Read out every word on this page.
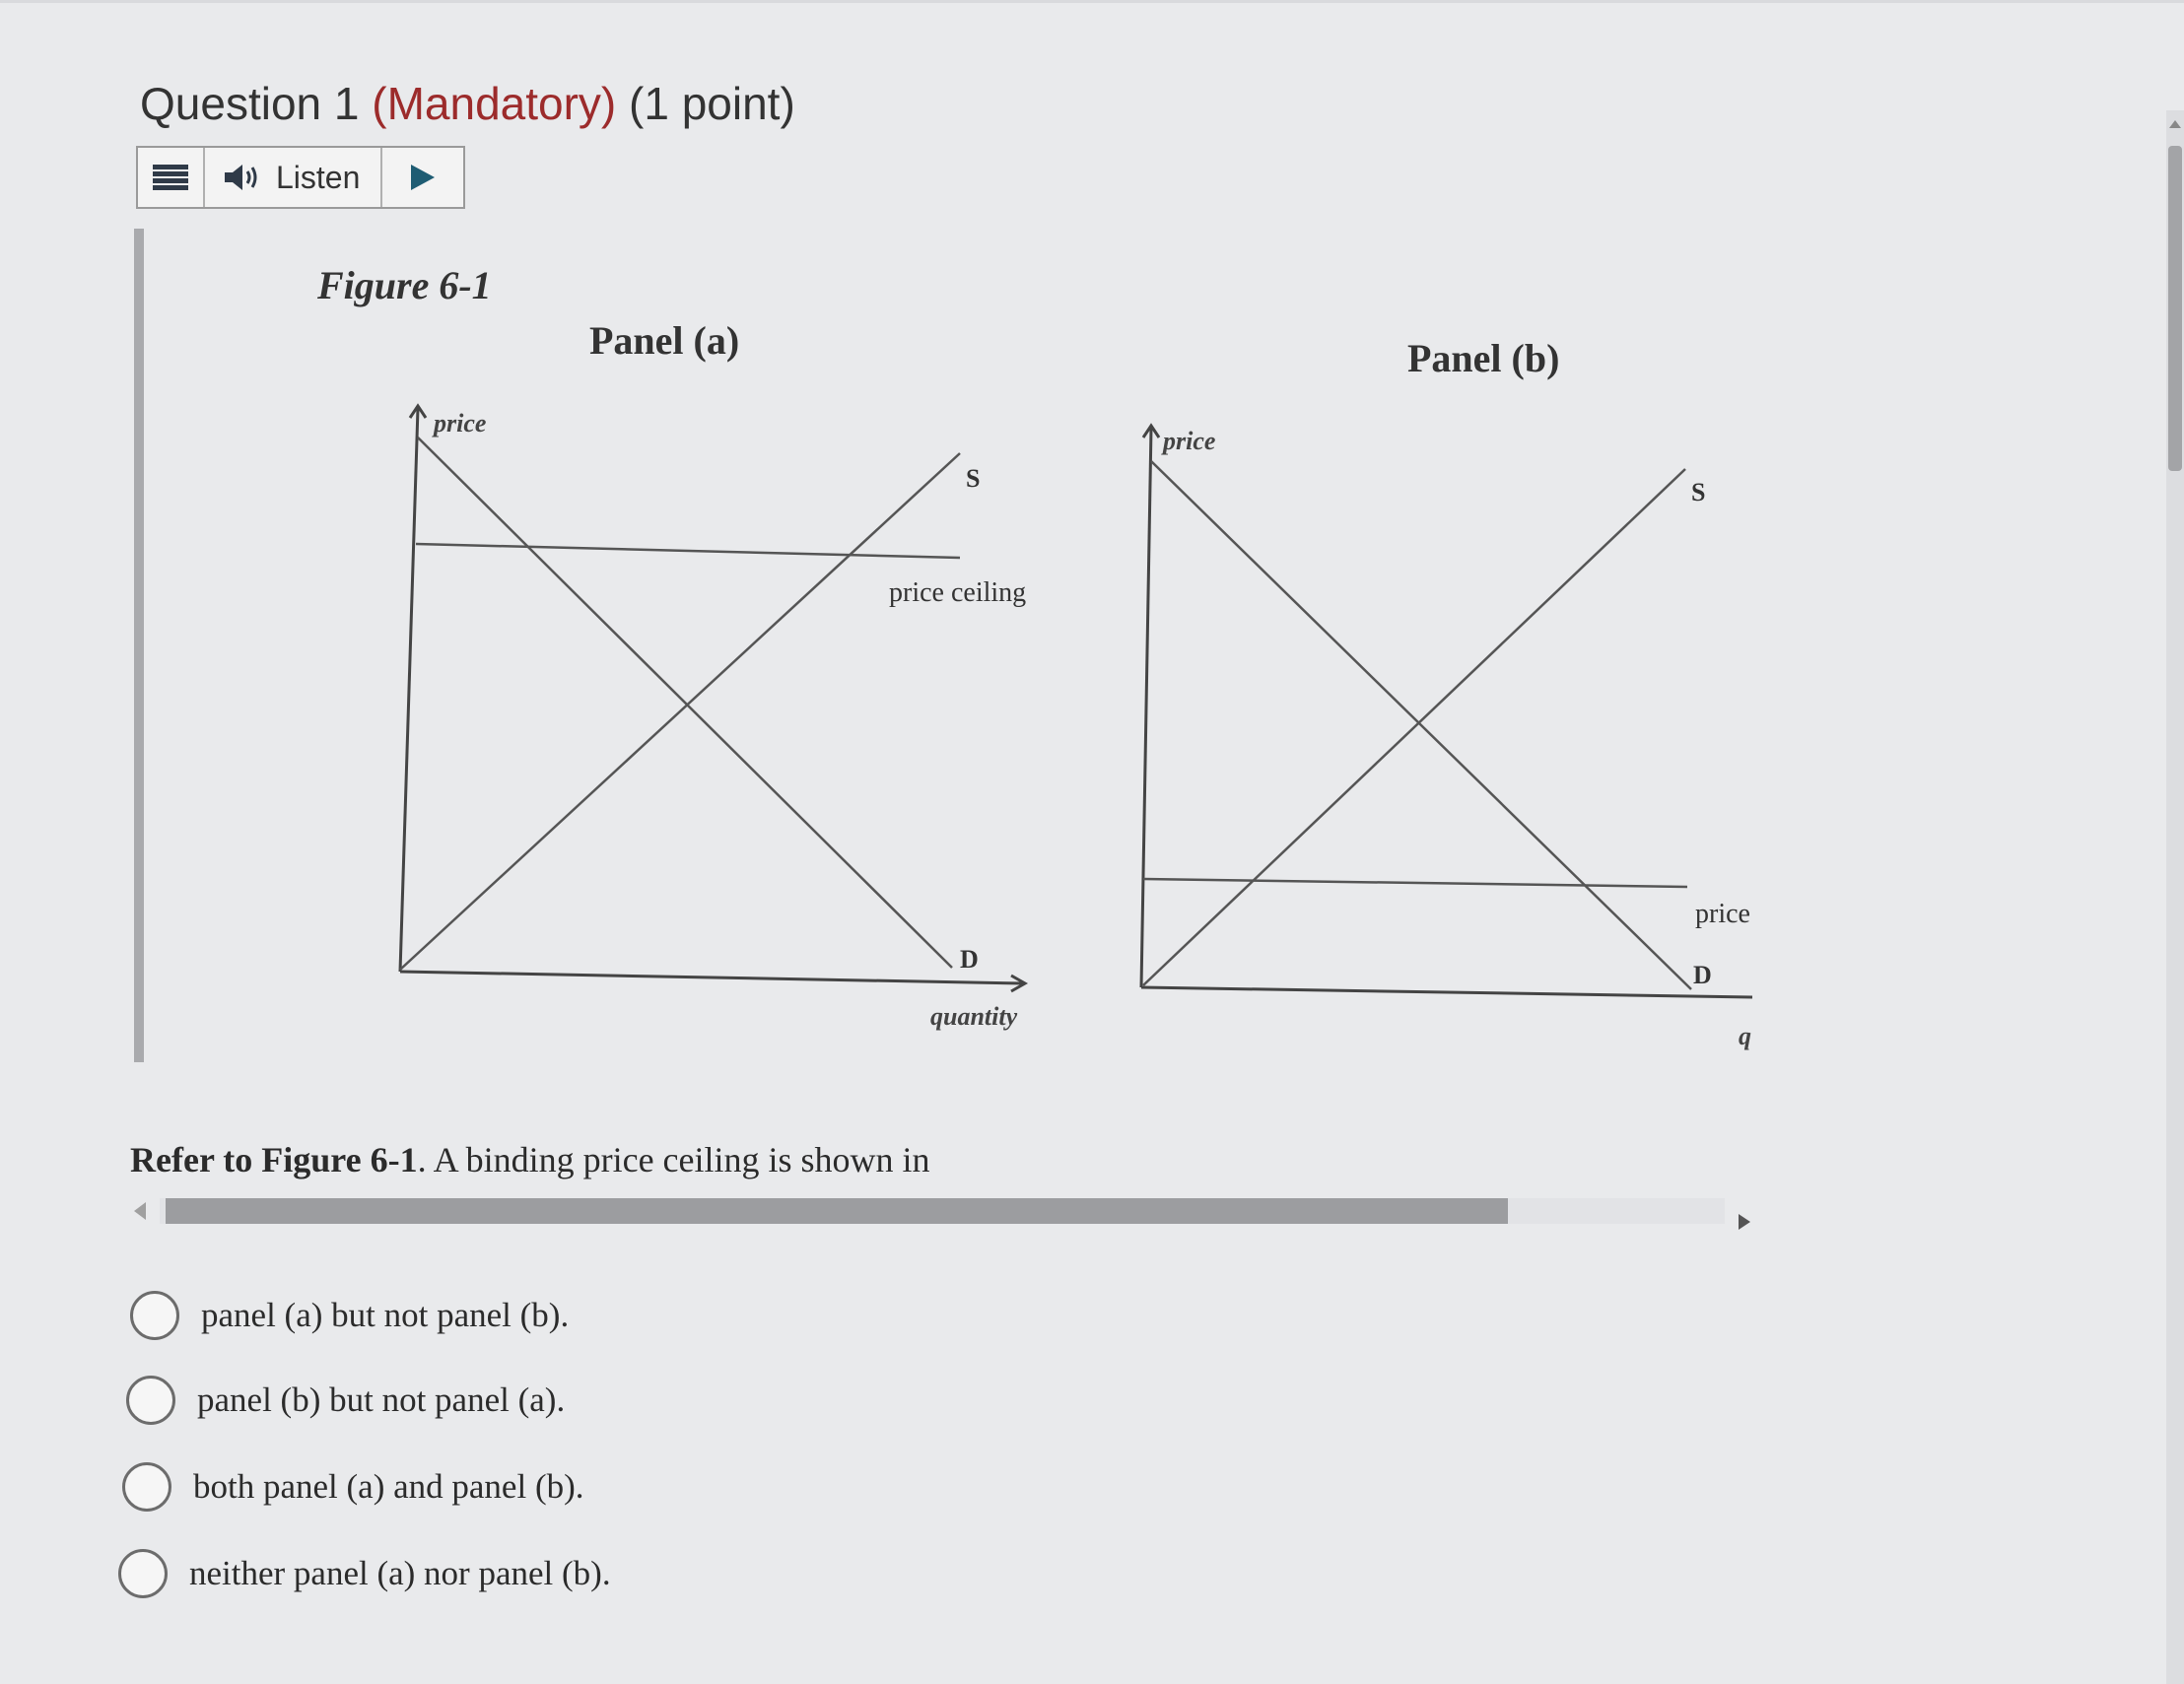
Question 1 (Mandatory) (1 point)
Listen
Figure 6-1
Panel (a)	Panel (b)
price
S
price ceiling
D
quantity
price
S
price
D
q
Refer to Figure 6-1. A binding price ceiling is shown in
panel (a) but not panel (b).
panel (b) but not panel (a).
both panel (a) and panel (b).
neither panel (a) nor panel (b).
